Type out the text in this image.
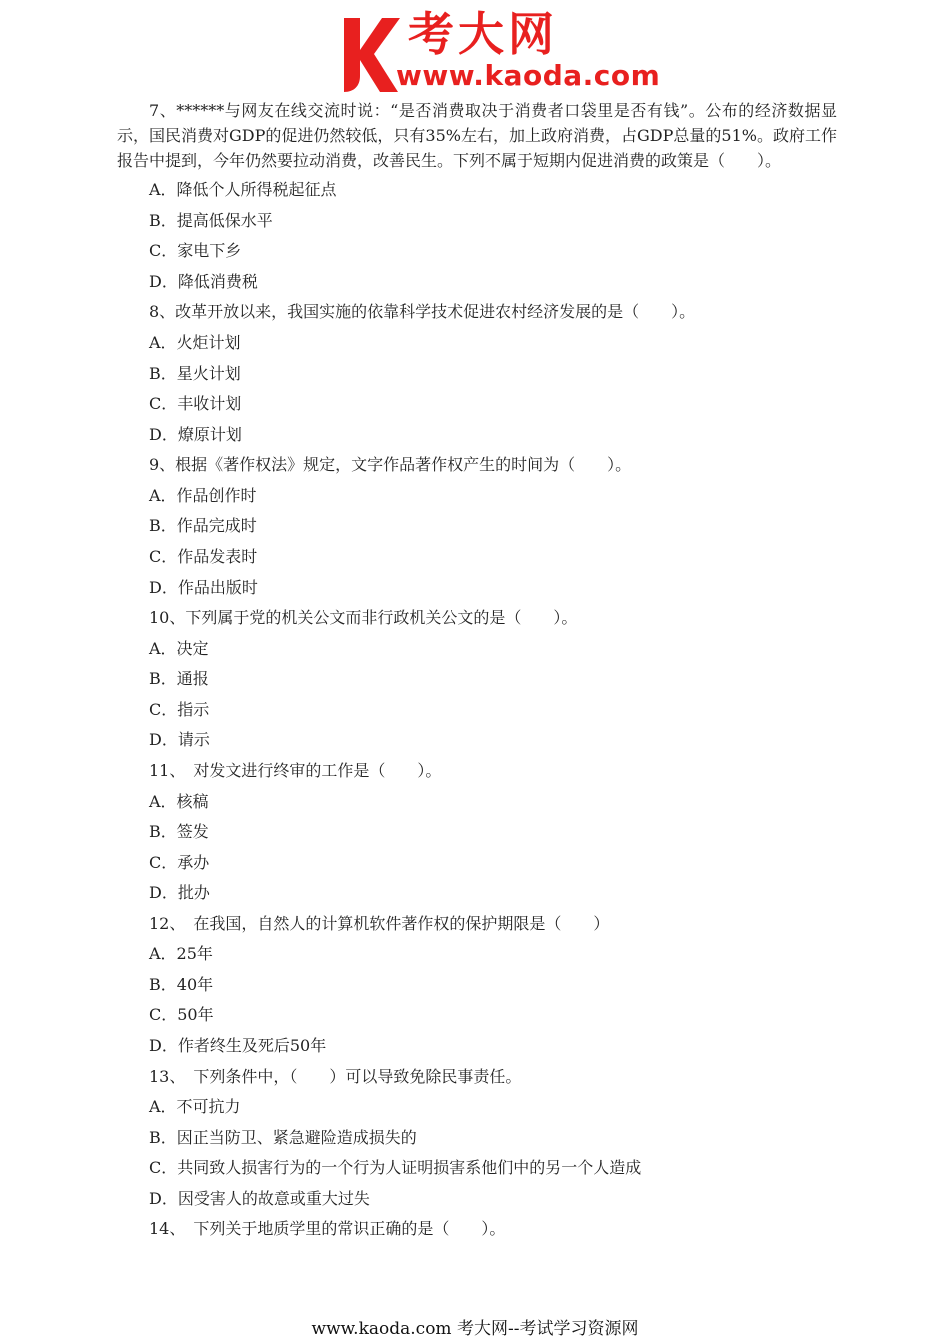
考大网
www.kaoda.com
7、******与网友在线交流时说：“是否消费取决于消费者口袋里是否有钱”。公布的经济数据显示，国民消费对GDP的促进仍然较低，只有35%左右，加上政府消费，占GDP总量的51%。政府工作报告中提到，今年仍然要拉动消费，改善民生。下列不属于短期内促进消费的政策是（　　）。
A．降低个人所得税起征点
B．提高低保水平
C．家电下乡
D．降低消费税
8、改革开放以来，我国实施的依靠科学技术促进农村经济发展的是（　　）。
A．火炬计划
B．星火计划
C．丰收计划
D．燎原计划
9、根据《著作权法》规定，文字作品著作权产生的时间为（　　）。
A．作品创作时
B．作品完成时
C．作品发表时
D．作品出版时
10、下列属于党的机关公文而非行政机关公文的是（　　）。
A．决定
B．通报
C．指示
D．请示
11、　对发文进行终审的工作是（　　）。
A．核稿
B．签发
C．承办
D．批办
12、　在我国，自然人的计算机软件著作权的保护期限是（　　）
A．25年
B．40年
C．50年
D．作者终生及死后50年
13、　下列条件中，（　　）可以导致免除民事责任。
A．不可抗力
B．因正当防卫、紧急避险造成损失的
C．共同致人损害行为的一个行为人证明损害系他们中的另一个人造成
D．因受害人的故意或重大过失
14、　下列关于地质学里的常识正确的是（　　）。
www.kaoda.com 考大网--考试学习资源网
